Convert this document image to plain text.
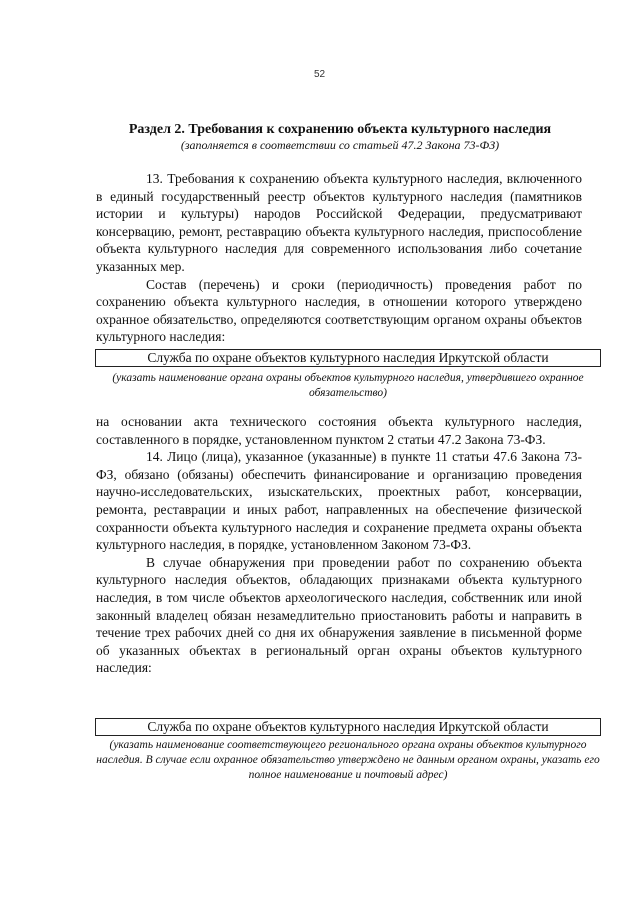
52
Раздел 2. Требования к сохранению объекта культурного наследия
(заполняется в соответствии со статьей 47.2 Закона 73-ФЗ)

13. Требования к сохранению объекта культурного наследия, включенного в единый государственный реестр объектов культурного наследия (памятников истории и культуры) народов Российской Федерации, предусматривают консервацию, ремонт, реставрацию объекта культурного наследия, приспособление объекта культурного наследия для современного использования либо сочетание указанных мер.

Состав (перечень) и сроки (периодичность) проведения работ по сохранению объекта культурного наследия, в отношении которого утверждено охранное обязательство, определяются соответствующим органом охраны объектов культурного наследия:

Служба по охране объектов культурного наследия Иркутской области
(указать наименование органа охраны объектов культурного наследия, утвердившего охранное обязательство)

на основании акта технического состояния объекта культурного наследия, составленного в порядке, установленном пунктом 2 статьи 47.2 Закона 73-ФЗ.

14. Лицо (лица), указанное (указанные) в пункте 11 статьи 47.6 Закона 73-ФЗ, обязано (обязаны) обеспечить финансирование и организацию проведения научно-исследовательских, изыскательских, проектных работ, консервации, ремонта, реставрации и иных работ, направленных на обеспечение физической сохранности объекта культурного наследия и сохранение предмета охраны объекта культурного наследия, в порядке, установленном Законом 73-ФЗ.

В случае обнаружения при проведении работ по сохранению объекта культурного наследия объектов, обладающих признаками объекта культурного наследия, в том числе объектов археологического наследия, собственник или иной законный владелец обязан незамедлительно приостановить работы и направить в течение трех рабочих дней со дня их обнаружения заявление в письменной форме об указанных объектах в региональный орган охраны объектов культурного наследия:

Служба по охране объектов культурного наследия Иркутской области
(указать наименование соответствующего регионального органа охраны объектов культурного наследия. В случае если охранное обязательство утверждено не данным органом охраны, указать его полное наименование и почтовый адрес)
